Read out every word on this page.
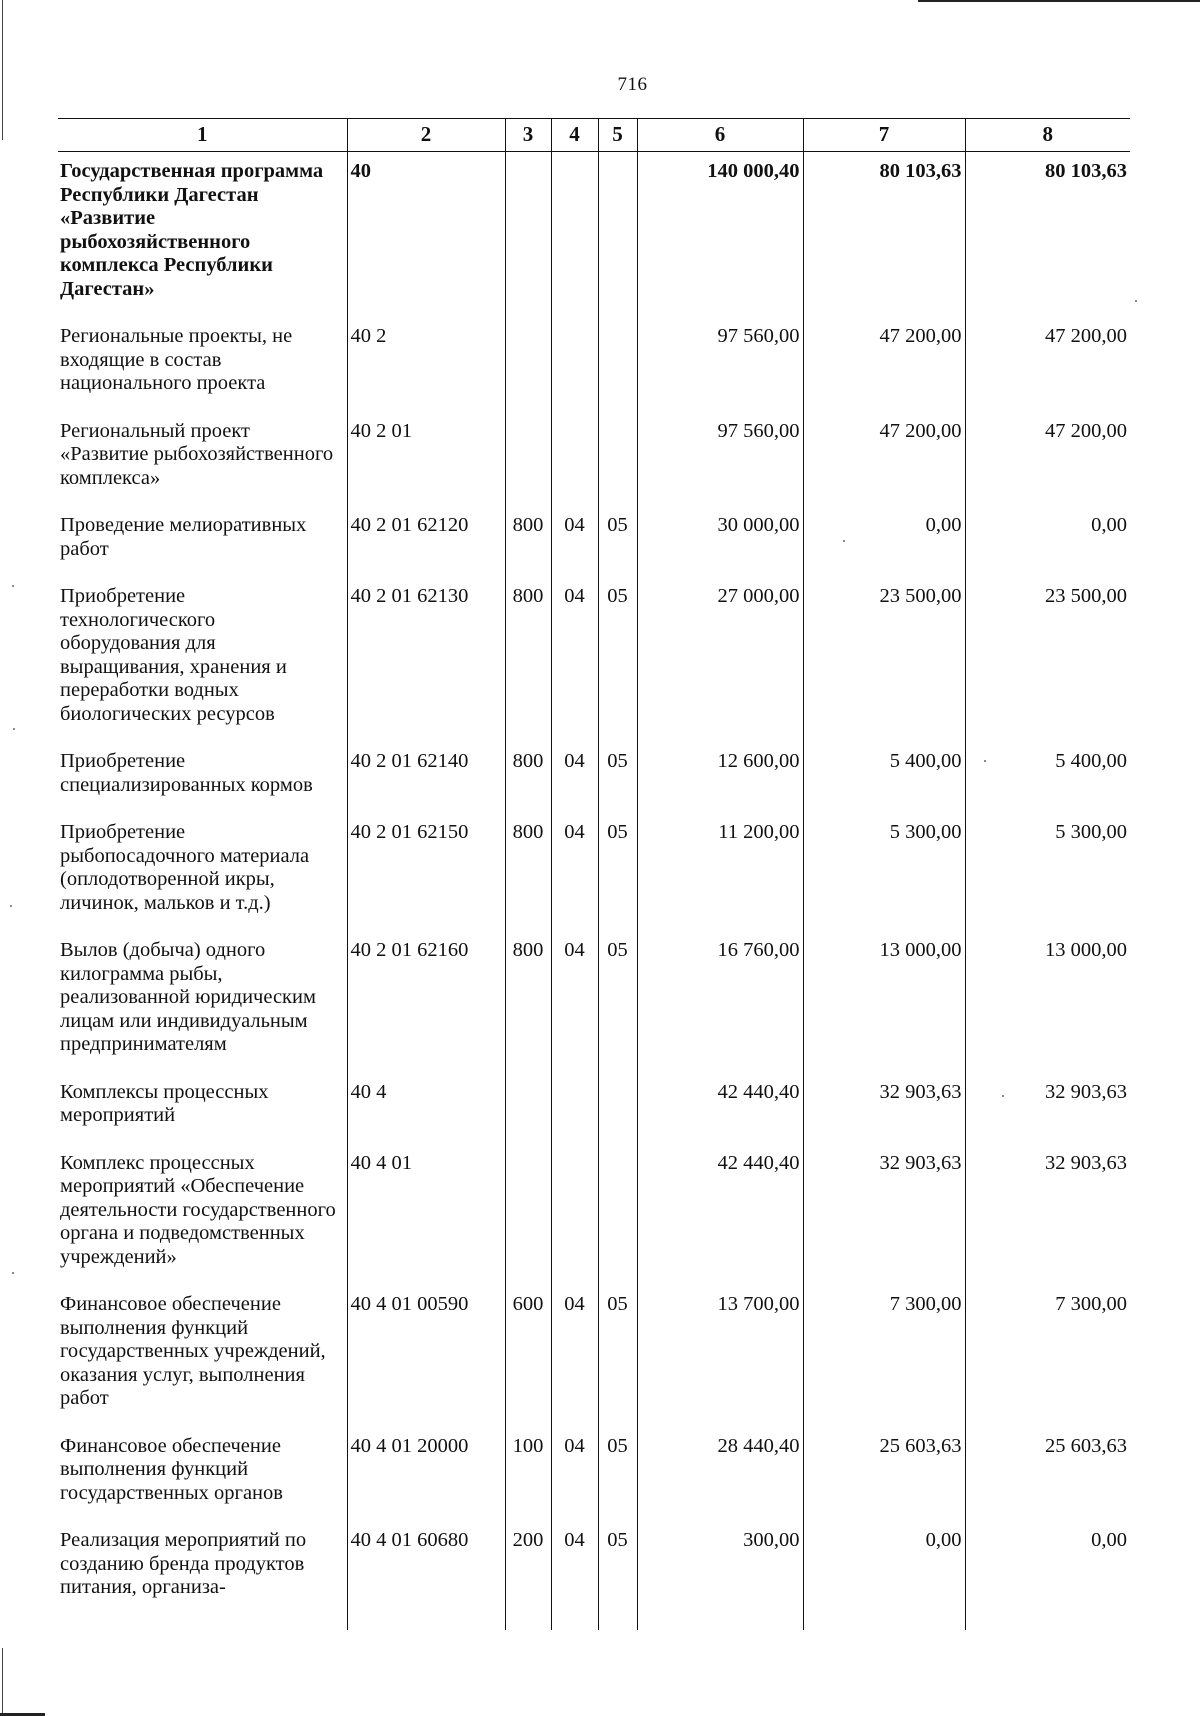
716
1	2	3	4	5	6	7	8
Государственная программа Республики Дагестан «Развитие рыбохозяйственного комплекса Республики Дагестан»	40				140 000,40	80 103,63	80 103,63
Региональные проекты, не входящие в состав национального проекта	40 2				97 560,00	47 200,00	47 200,00
Региональный проект «Развитие рыбохозяйственного комплекса»	40 2 01				97 560,00	47 200,00	47 200,00
Проведение мелиоративных работ	40 2 01 62120	800	04	05	30 000,00	0,00	0,00
Приобретение технологического оборудования для выращивания, хранения и переработки водных биологических ресурсов	40 2 01 62130	800	04	05	27 000,00	23 500,00	23 500,00
Приобретение специализированных кормов	40 2 01 62140	800	04	05	12 600,00	5 400,00	5 400,00
Приобретение рыбопосадочного материала (оплодотворенной икры, личинок, мальков и т.д.)	40 2 01 62150	800	04	05	11 200,00	5 300,00	5 300,00
Вылов (добыча) одного килограмма рыбы, реализованной юридическим лицам или индивидуальным предпринимателям	40 2 01 62160	800	04	05	16 760,00	13 000,00	13 000,00
Комплексы процессных мероприятий	40 4				42 440,40	32 903,63	32 903,63
Комплекс процессных мероприятий «Обеспечение деятельности государственного органа и подведомственных учреждений»	40 4 01				42 440,40	32 903,63	32 903,63
Финансовое обеспечение выполнения функций государственных учреждений, оказания услуг, выполнения работ	40 4 01 00590	600	04	05	13 700,00	7 300,00	7 300,00
Финансовое обеспечение выполнения функций государственных органов	40 4 01 20000	100	04	05	28 440,40	25 603,63	25 603,63
Реализация мероприятий по созданию бренда продуктов питания, организа-	40 4 01 60680	200	04	05	300,00	0,00	0,00
